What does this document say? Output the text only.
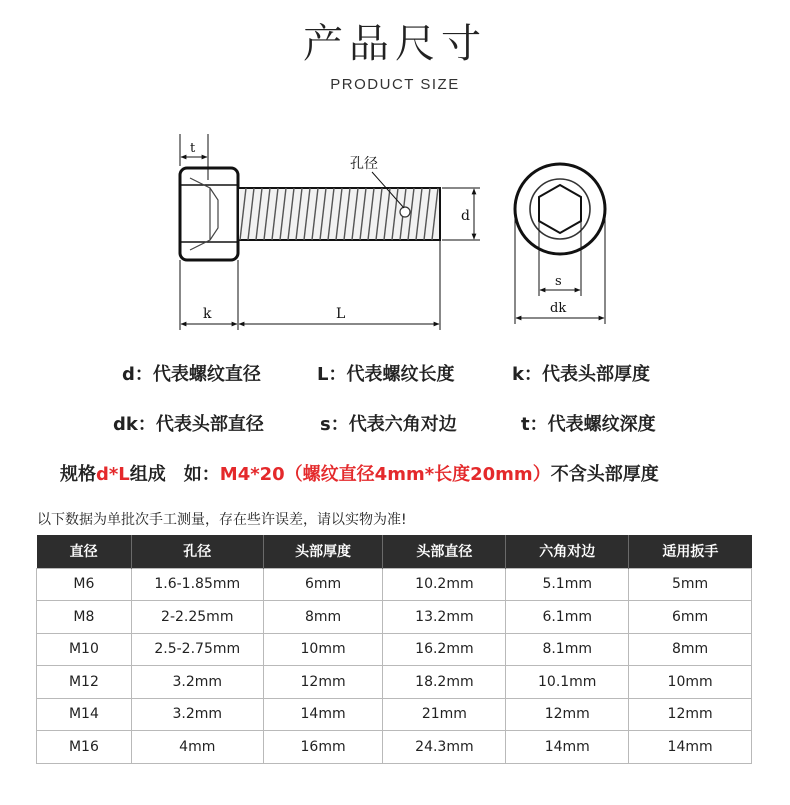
产品尺寸
PRODUCT SIZE
t
孔径
d
k	L
s
dk
d：代表螺纹直径	L：代表螺纹长度	k：代表头部厚度
dk：代表头部直径	s：代表六角对边	t：代表螺纹深度
规格d*L组成　如：M4*20（螺纹直径4mm*长度20mm）不含头部厚度
以下数据为单批次手工测量，存在些许误差，请以实物为准!
直径	孔径	头部厚度	头部直径	六角对边	适用扳手
M6	1.6-1.85mm	6mm	10.2mm	5.1mm	5mm
M8	2-2.25mm	8mm	13.2mm	6.1mm	6mm
M10	2.5-2.75mm	10mm	16.2mm	8.1mm	8mm
M12	3.2mm	12mm	18.2mm	10.1mm	10mm
M14	3.2mm	14mm	21mm	12mm	12mm
M16	4mm	16mm	24.3mm	14mm	14mm
